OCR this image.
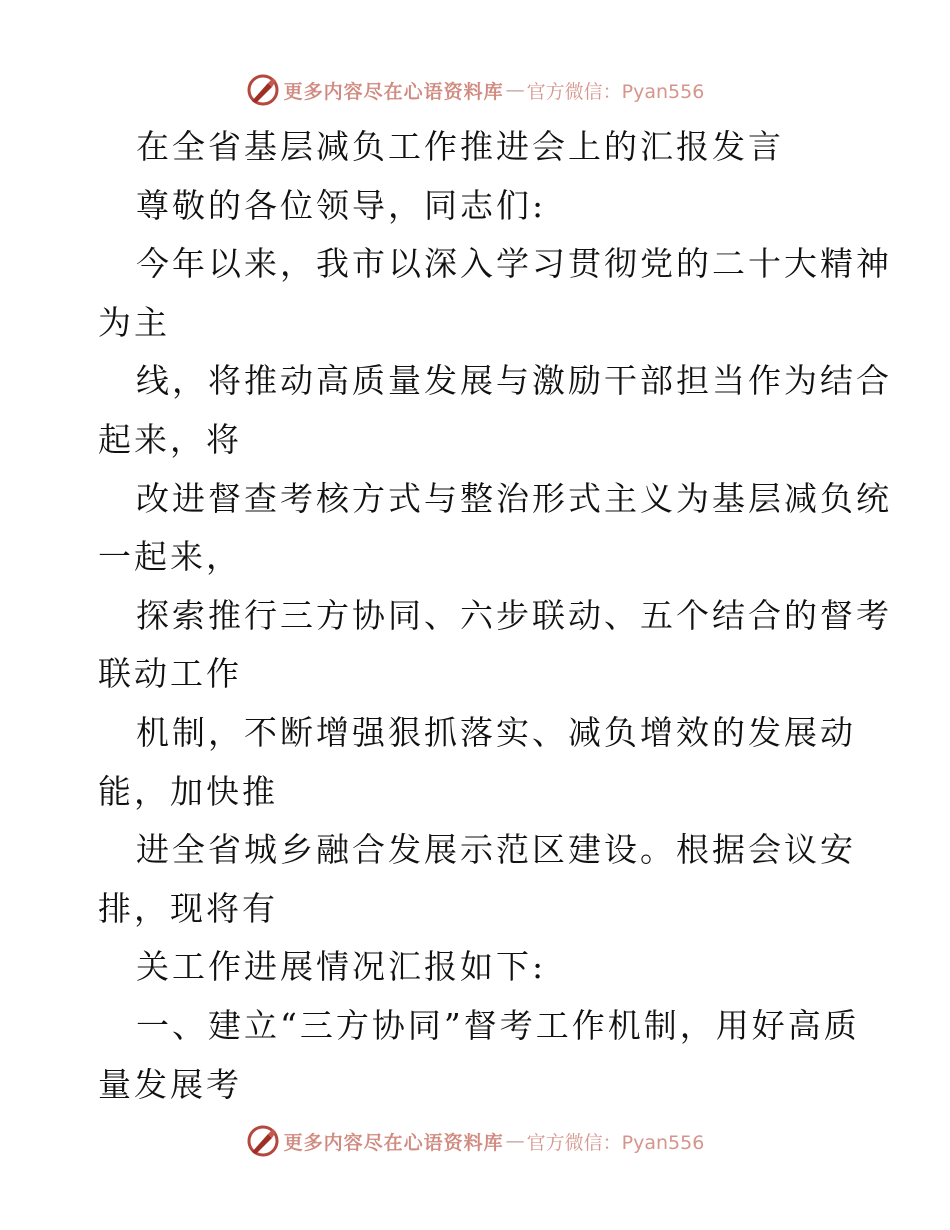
更多内容尽在心语资料库 — 官方微信：Pyan556
在全省基层减负工作推进会上的汇报发言
尊敬的各位领导，同志们:
今年以来，我市以深入学习贯彻党的二十大精神
为主
线，将推动高质量发展与激励干部担当作为结合
起来，将
改进督查考核方式与整治形式主义为基层减负统
一起来，
探索推行三方协同、六步联动、五个结合的督考
联动工作
机制，不断增强狠抓落实、减负增效的发展动
能，加快推
进全省城乡融合发展示范区建设。根据会议安
排，现将有
关工作进展情况汇报如下:
一、建立“三方协同”督考工作机制，用好高质
量发展考
更多内容尽在心语资料库 — 官方微信：Pyan556
